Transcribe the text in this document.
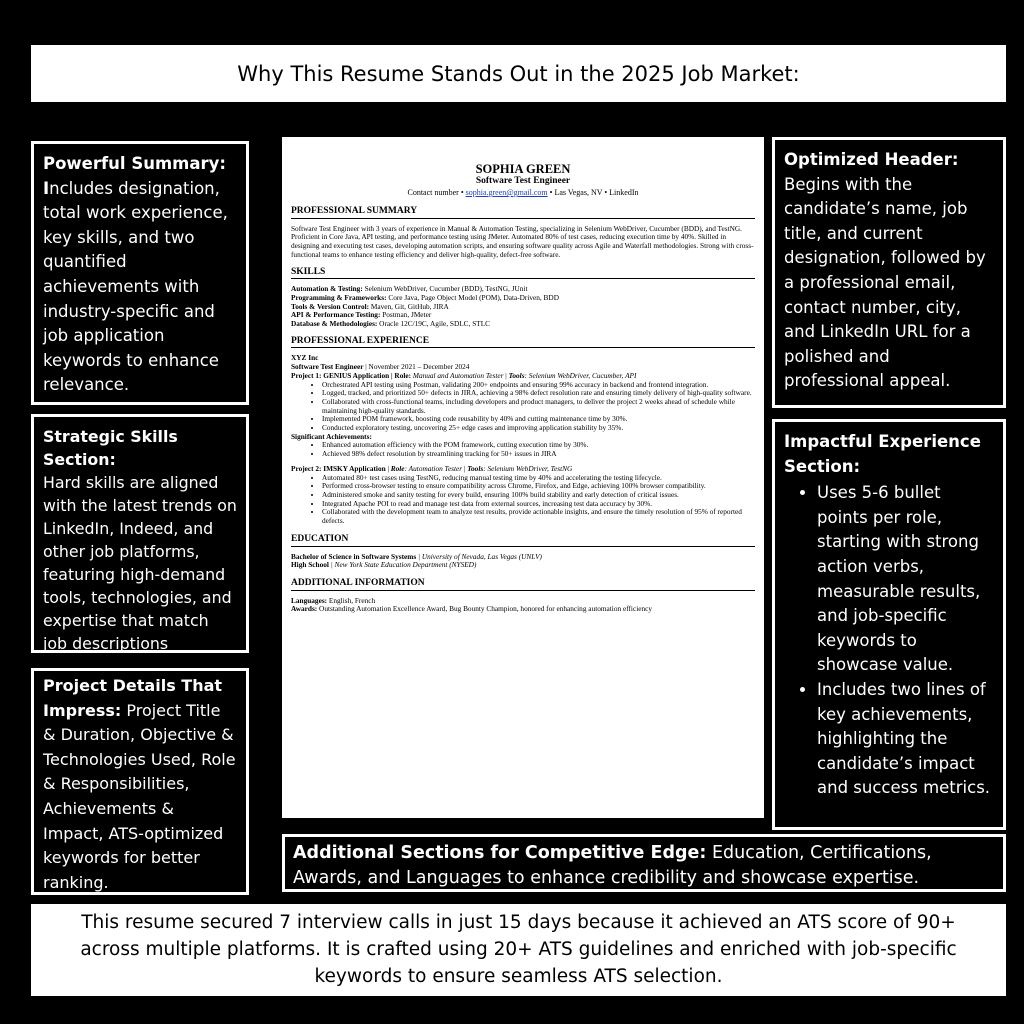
Why This Resume Stands Out in the 2025 Job Market:
Powerful Summary:
Includes designation, total work experience, key skills, and two quantified achievements with industry-specific and job application keywords to enhance relevance.
Strategic Skills Section:
Hard skills are aligned with the latest trends on LinkedIn, Indeed, and other job platforms, featuring high-demand tools, technologies, and expertise that match job descriptions
Project Details That Impress: Project Title & Duration, Objective & Technologies Used, Role & Responsibilities, Achievements & Impact, ATS-optimized keywords for better ranking.
SOPHIA GREEN
Software Test Engineer
Contact number • sophia.green@gmail.com • Las Vegas, NV • LinkedIn
PROFESSIONAL SUMMARY
Software Test Engineer with 3 years of experience in Manual & Automation Testing, specializing in Selenium WebDriver, Cucumber (BDD), and TestNG. Proficient in Core Java, API testing, and performance testing using JMeter. Automated 80% of test cases, reducing execution time by 40%. Skilled in designing and executing test cases, developing automation scripts, and ensuring software quality across Agile and Waterfall methodologies. Strong with cross-functional teams to enhance testing efficiency and deliver high-quality, defect-free software.
SKILLS
Automation & Testing: Selenium WebDriver, Cucumber (BDD), TestNG, JUnit
Programming & Frameworks: Core Java, Page Object Model (POM), Data-Driven, BDD
Tools & Version Control: Maven, Git, GitHub, JIRA
API & Performance Testing: Postman, JMeter
Database & Methodologies: Oracle 12C/19C, Agile, SDLC, STLC
PROFESSIONAL EXPERIENCE
XYZ Inc
Software Test Engineer | November 2021 – December 2024
Project 1: GENIUS Application | Role: Manual and Automation Tester | Tools: Selenium WebDriver, Cucumber, API
• Orchestrated API testing using Postman, validating 200+ endpoints and ensuring 99% accuracy in backend and frontend integration.
• Logged, tracked, and prioritized 50+ defects in JIRA, achieving a 98% defect resolution rate and ensuring timely delivery of high-quality software.
• Collaborated with cross-functional teams, including developers and product managers, to deliver the project 2 weeks ahead of schedule while maintaining high-quality standards.
• Implemented POM framework, boosting code reusability by 40% and cutting maintenance time by 30%.
• Conducted exploratory testing, uncovering 25+ edge cases and improving application stability by 35%.
Significant Achievements:
• Enhanced automation efficiency with the POM framework, cutting execution time by 30%.
• Achieved 98% defect resolution by streamlining tracking for 50+ issues in JIRA
Project 2: IMSKY Application | Role: Automation Tester | Tools: Selenium WebDriver, TestNG
• Automated 80+ test cases using TestNG, reducing manual testing time by 40% and accelerating the testing lifecycle.
• Performed cross-browser testing to ensure compatibility across Chrome, Firefox, and Edge, achieving 100% browser compatibility.
• Administered smoke and sanity testing for every build, ensuring 100% build stability and early detection of critical issues.
• Integrated Apache POI to read and manage test data from external sources, increasing test data accuracy by 30%.
• Collaborated with the development team to analyze test results, provide actionable insights, and ensure the timely resolution of 95% of reported defects.
EDUCATION
Bachelor of Science in Software Systems | University of Nevada, Las Vegas (UNLV)
High School | New York State Education Department (NYSED)
ADDITIONAL INFORMATION
Languages: English, French
Awards: Outstanding Automation Excellence Award, Bug Bounty Champion, honored for enhancing automation efficiency
Optimized Header:
Begins with the candidate’s name, job title, and current designation, followed by a professional email, contact number, city, and LinkedIn URL for a polished and professional appeal.
Impactful Experience Section:
• Uses 5-6 bullet points per role, starting with strong action verbs, measurable results, and job-specific keywords to showcase value.
• Includes two lines of key achievements, highlighting the candidate’s impact and success metrics.
Additional Sections for Competitive Edge: Education, Certifications, Awards, and Languages to enhance credibility and showcase expertise.
This resume secured 7 interview calls in just 15 days because it achieved an ATS score of 90+ across multiple platforms. It is crafted using 20+ ATS guidelines and enriched with job-specific keywords to ensure seamless ATS selection.
